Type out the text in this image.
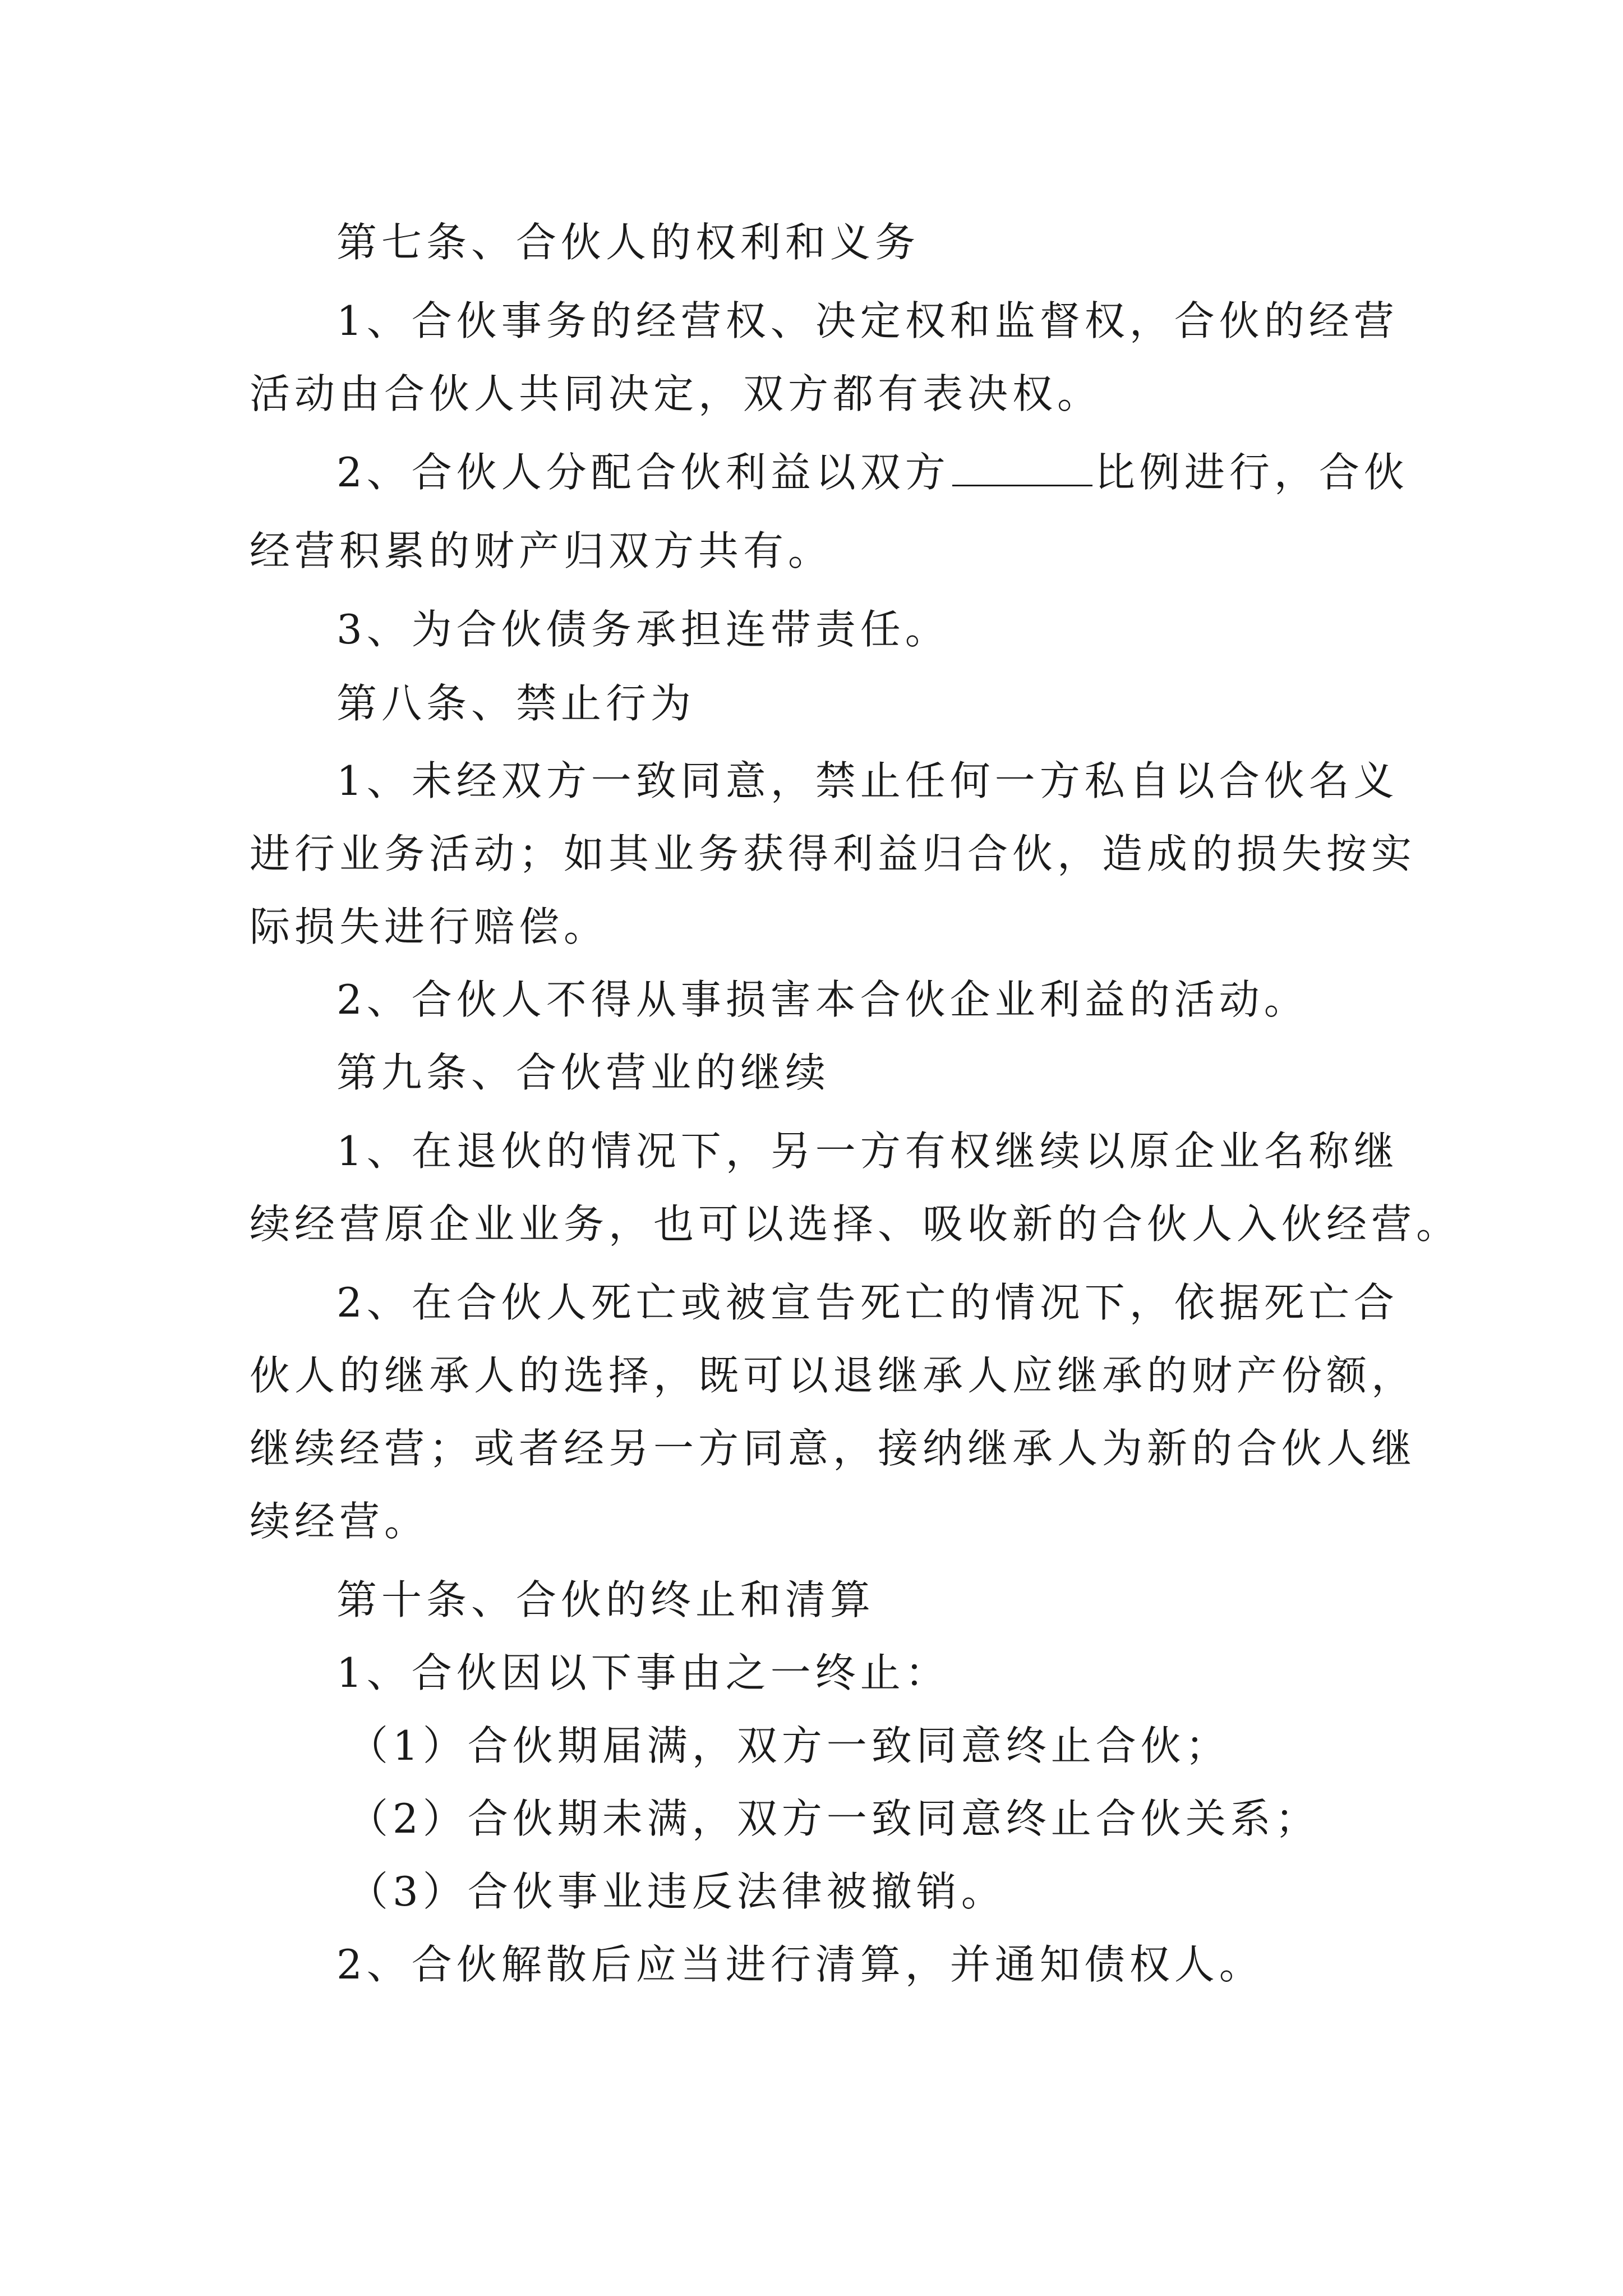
第七条、合伙人的权利和义务
1、合伙事务的经营权、决定权和监督权，合伙的经营
活动由合伙人共同决定，双方都有表决权。
2、合伙人分配合伙利益以双方	比例进行，合伙
经营积累的财产归双方共有。
3、为合伙债务承担连带责任。
第八条、禁止行为
1、未经双方一致同意，禁止任何一方私自以合伙名义
进行业务活动；如其业务获得利益归合伙，造成的损失按实
际损失进行赔偿。
2、合伙人不得从事损害本合伙企业利益的活动。
第九条、合伙营业的继续
1、在退伙的情况下，另一方有权继续以原企业名称继
续经营原企业业务，也可以选择、吸收新的合伙人入伙经营。
2、在合伙人死亡或被宣告死亡的情况下，依据死亡合
伙人的继承人的选择，既可以退继承人应继承的财产份额，
继续经营；或者经另一方同意，接纳继承人为新的合伙人继
续经营。
第十条、合伙的终止和清算
1、合伙因以下事由之一终止：
（1）合伙期届满，双方一致同意终止合伙；
（2）合伙期未满，双方一致同意终止合伙关系；
（3）合伙事业违反法律被撤销。
2、合伙解散后应当进行清算，并通知债权人。
